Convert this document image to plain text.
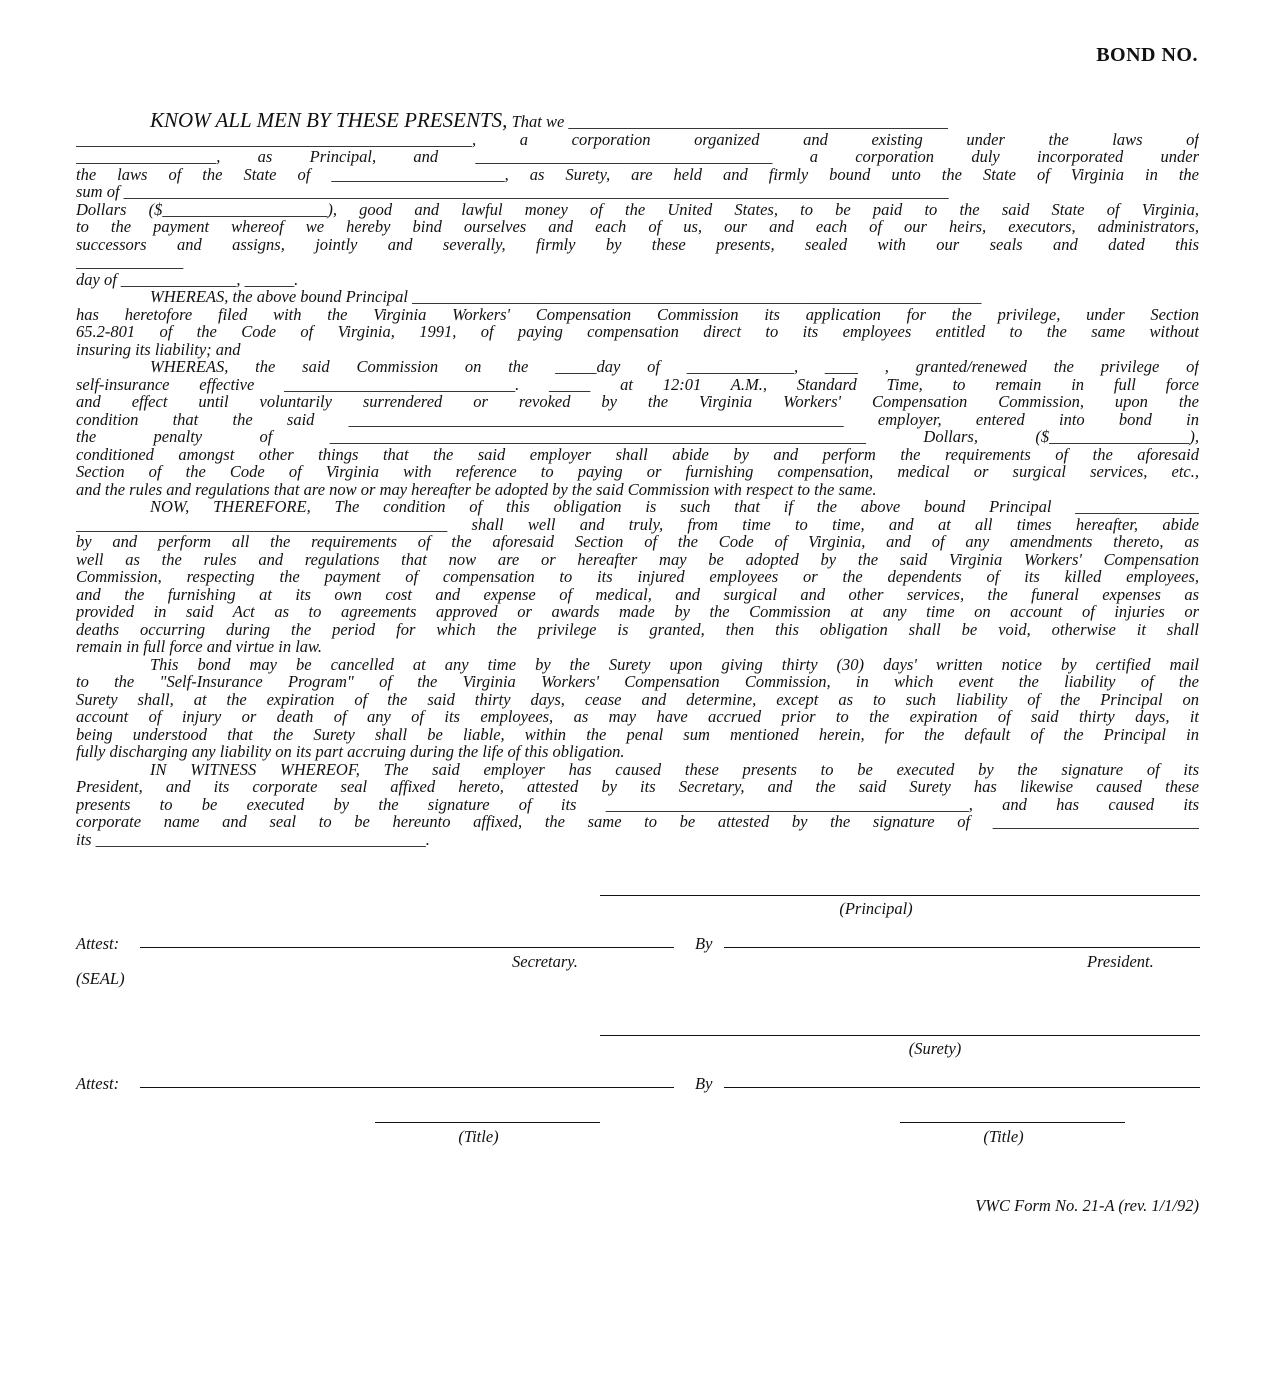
BOND NO.
KNOW ALL MEN BY THESE PRESENTS, That we ______________________________________________
________________________________________________, a corporation organized and existing under the laws of
_________________, as Principal, and ____________________________________ a corporation duly incorporated under
the laws of the State of _____________________, as Surety, are held and firmly bound unto the State of Virginia in the
sum of ____________________________________________________________________________________________________
Dollars ($____________________), good and lawful money of the United States, to be paid to the said State of Virginia,
to the payment whereof we hereby bind ourselves and each of us, our and each of our heirs, executors, administrators,
successors and assigns, jointly and severally, firmly by these presents, sealed with our seals and dated this
_____________
day of ______________, ______.
WHEREAS, the above bound Principal _____________________________________________________________________
has heretofore filed with the Virginia Workers' Compensation Commission its application for the privilege, under Section
65.2-801 of the Code of Virginia, 1991, of paying compensation direct to its employees entitled to the same without
insuring its liability; and
WHEREAS, the said Commission on the _____day of _____________, ____ , granted/renewed the privilege of
self-insurance effective ____________________________. _____ at 12:01 A.M., Standard Time, to remain in full force
and effect until voluntarily surrendered or revoked by the Virginia Workers' Compensation Commission, upon the
condition that the said ____________________________________________________________ employer, entered into bond in
the penalty of _________________________________________________________________ Dollars, ($_________________),
conditioned amongst other things that the said employer shall abide by and perform the requirements of the aforesaid
Section of the Code of Virginia with reference to paying or furnishing compensation, medical or surgical services, etc.,
and the rules and regulations that are now or may hereafter be adopted by the said Commission with respect to the same.
NOW, THEREFORE, The condition of this obligation is such that if the above bound Principal _______________
_____________________________________________ shall well and truly, from time to time, and at all times hereafter, abide
by and perform all the requirements of the aforesaid Section of the Code of Virginia, and of any amendments thereto, as
well as the rules and regulations that now are or hereafter may be adopted by the said Virginia Workers' Compensation
Commission, respecting the payment of compensation to its injured employees or the dependents of its killed employees,
and the furnishing at its own cost and expense of medical, and surgical and other services, the funeral expenses as
provided in said Act as to agreements approved or awards made by the Commission at any time on account of injuries or
deaths occurring during the period for which the privilege is granted, then this obligation shall be void, otherwise it shall
remain in full force and virtue in law.
This bond may be cancelled at any time by the Surety upon giving thirty (30) days' written notice by certified mail
to the "Self-Insurance Program" of the Virginia Workers' Compensation Commission, in which event the liability of the
Surety shall, at the expiration of the said thirty days, cease and determine, except as to such liability of the Principal on
account of injury or death of any of its employees, as may have accrued prior to the expiration of said thirty days, it
being understood that the Surety shall be liable, within the penal sum mentioned herein, for the default of the Principal in
fully discharging any liability on its part accruing during the life of this obligation.
IN WITNESS WHEREOF, The said employer has caused these presents to be executed by the signature of its
President, and its corporate seal affixed hereto, attested by its Secretary, and the said Surety has likewise caused these
presents to be executed by the signature of its ____________________________________________, and has caused its
corporate name and seal to be hereunto affixed, the same to be attested by the signature of _________________________
its ________________________________________.
(Principal)
Attest:	By
Secretary.	President.
(SEAL)
(Surety)
Attest:	By
(Title)	(Title)
VWC Form No. 21-A (rev. 1/1/92)
